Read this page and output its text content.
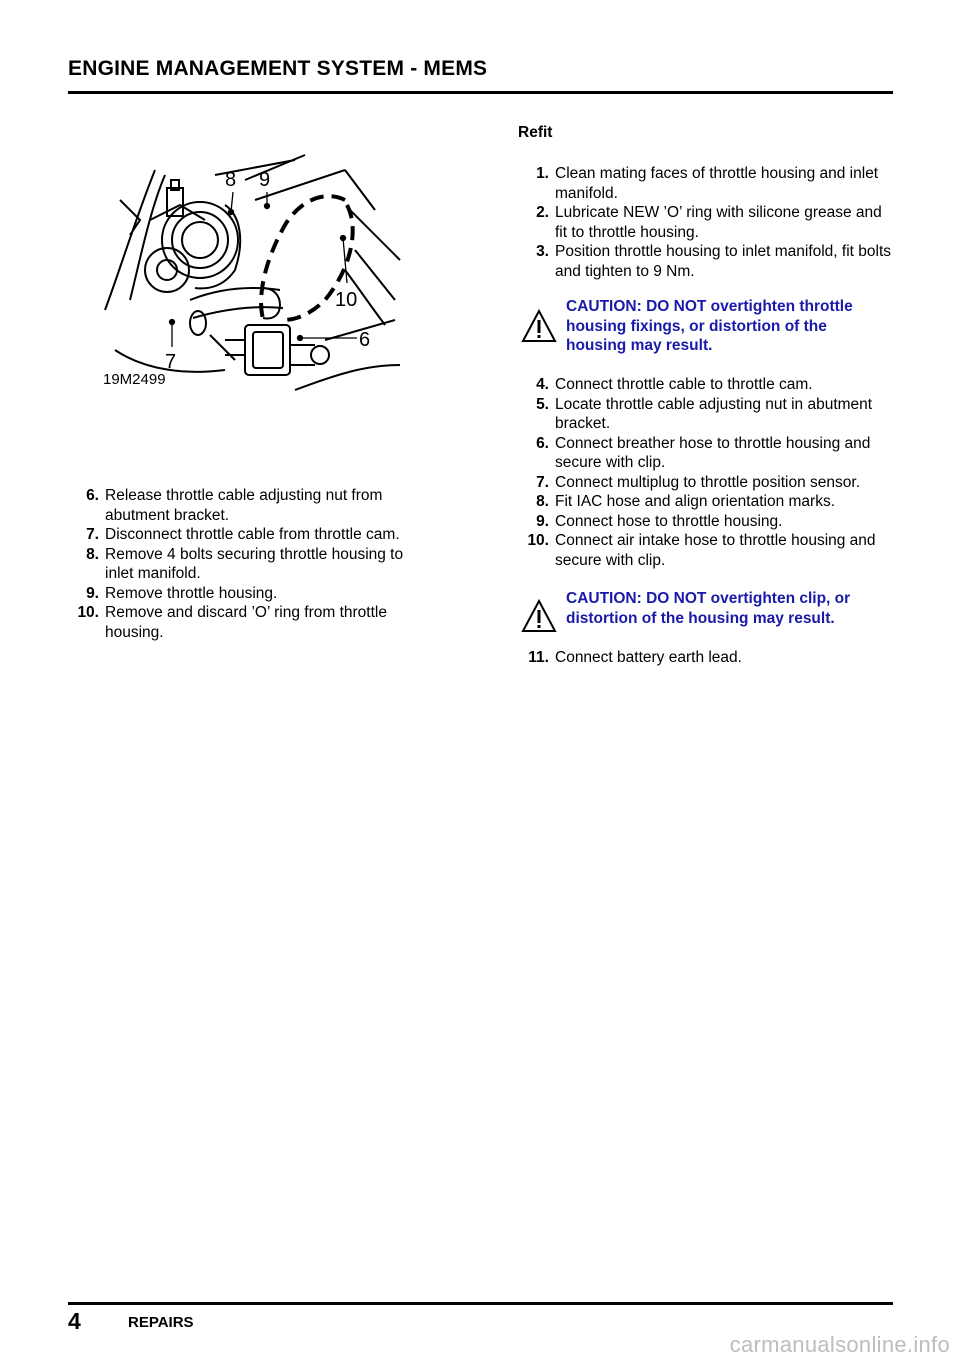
ENGINE MANAGEMENT SYSTEM - MEMS
8 9
10
6
7
19M2499
6. Release throttle cable adjusting nut from abutment bracket.
7. Disconnect throttle cable from throttle cam.
8. Remove 4 bolts securing throttle housing to inlet manifold.
9. Remove throttle housing.
10. Remove and discard ’O’ ring from throttle housing.
Refit
1. Clean mating faces of throttle housing and inlet manifold.
2. Lubricate NEW ’O’ ring with silicone grease and fit to throttle housing.
3. Position throttle housing to inlet manifold, fit bolts and tighten to 9 Nm.
CAUTION: DO NOT overtighten throttle housing fixings, or distortion of the housing may result.
4. Connect throttle cable to throttle cam.
5. Locate throttle cable adjusting nut in abutment bracket.
6. Connect breather hose to throttle housing and secure with clip.
7. Connect multiplug to throttle position sensor.
8. Fit IAC hose and align orientation marks.
9. Connect hose to throttle housing.
10. Connect air intake hose to throttle housing and secure with clip.
CAUTION: DO NOT overtighten clip, or distortion of the housing may result.
11. Connect battery earth lead.
4	REPAIRS
carmanualsonline.info
